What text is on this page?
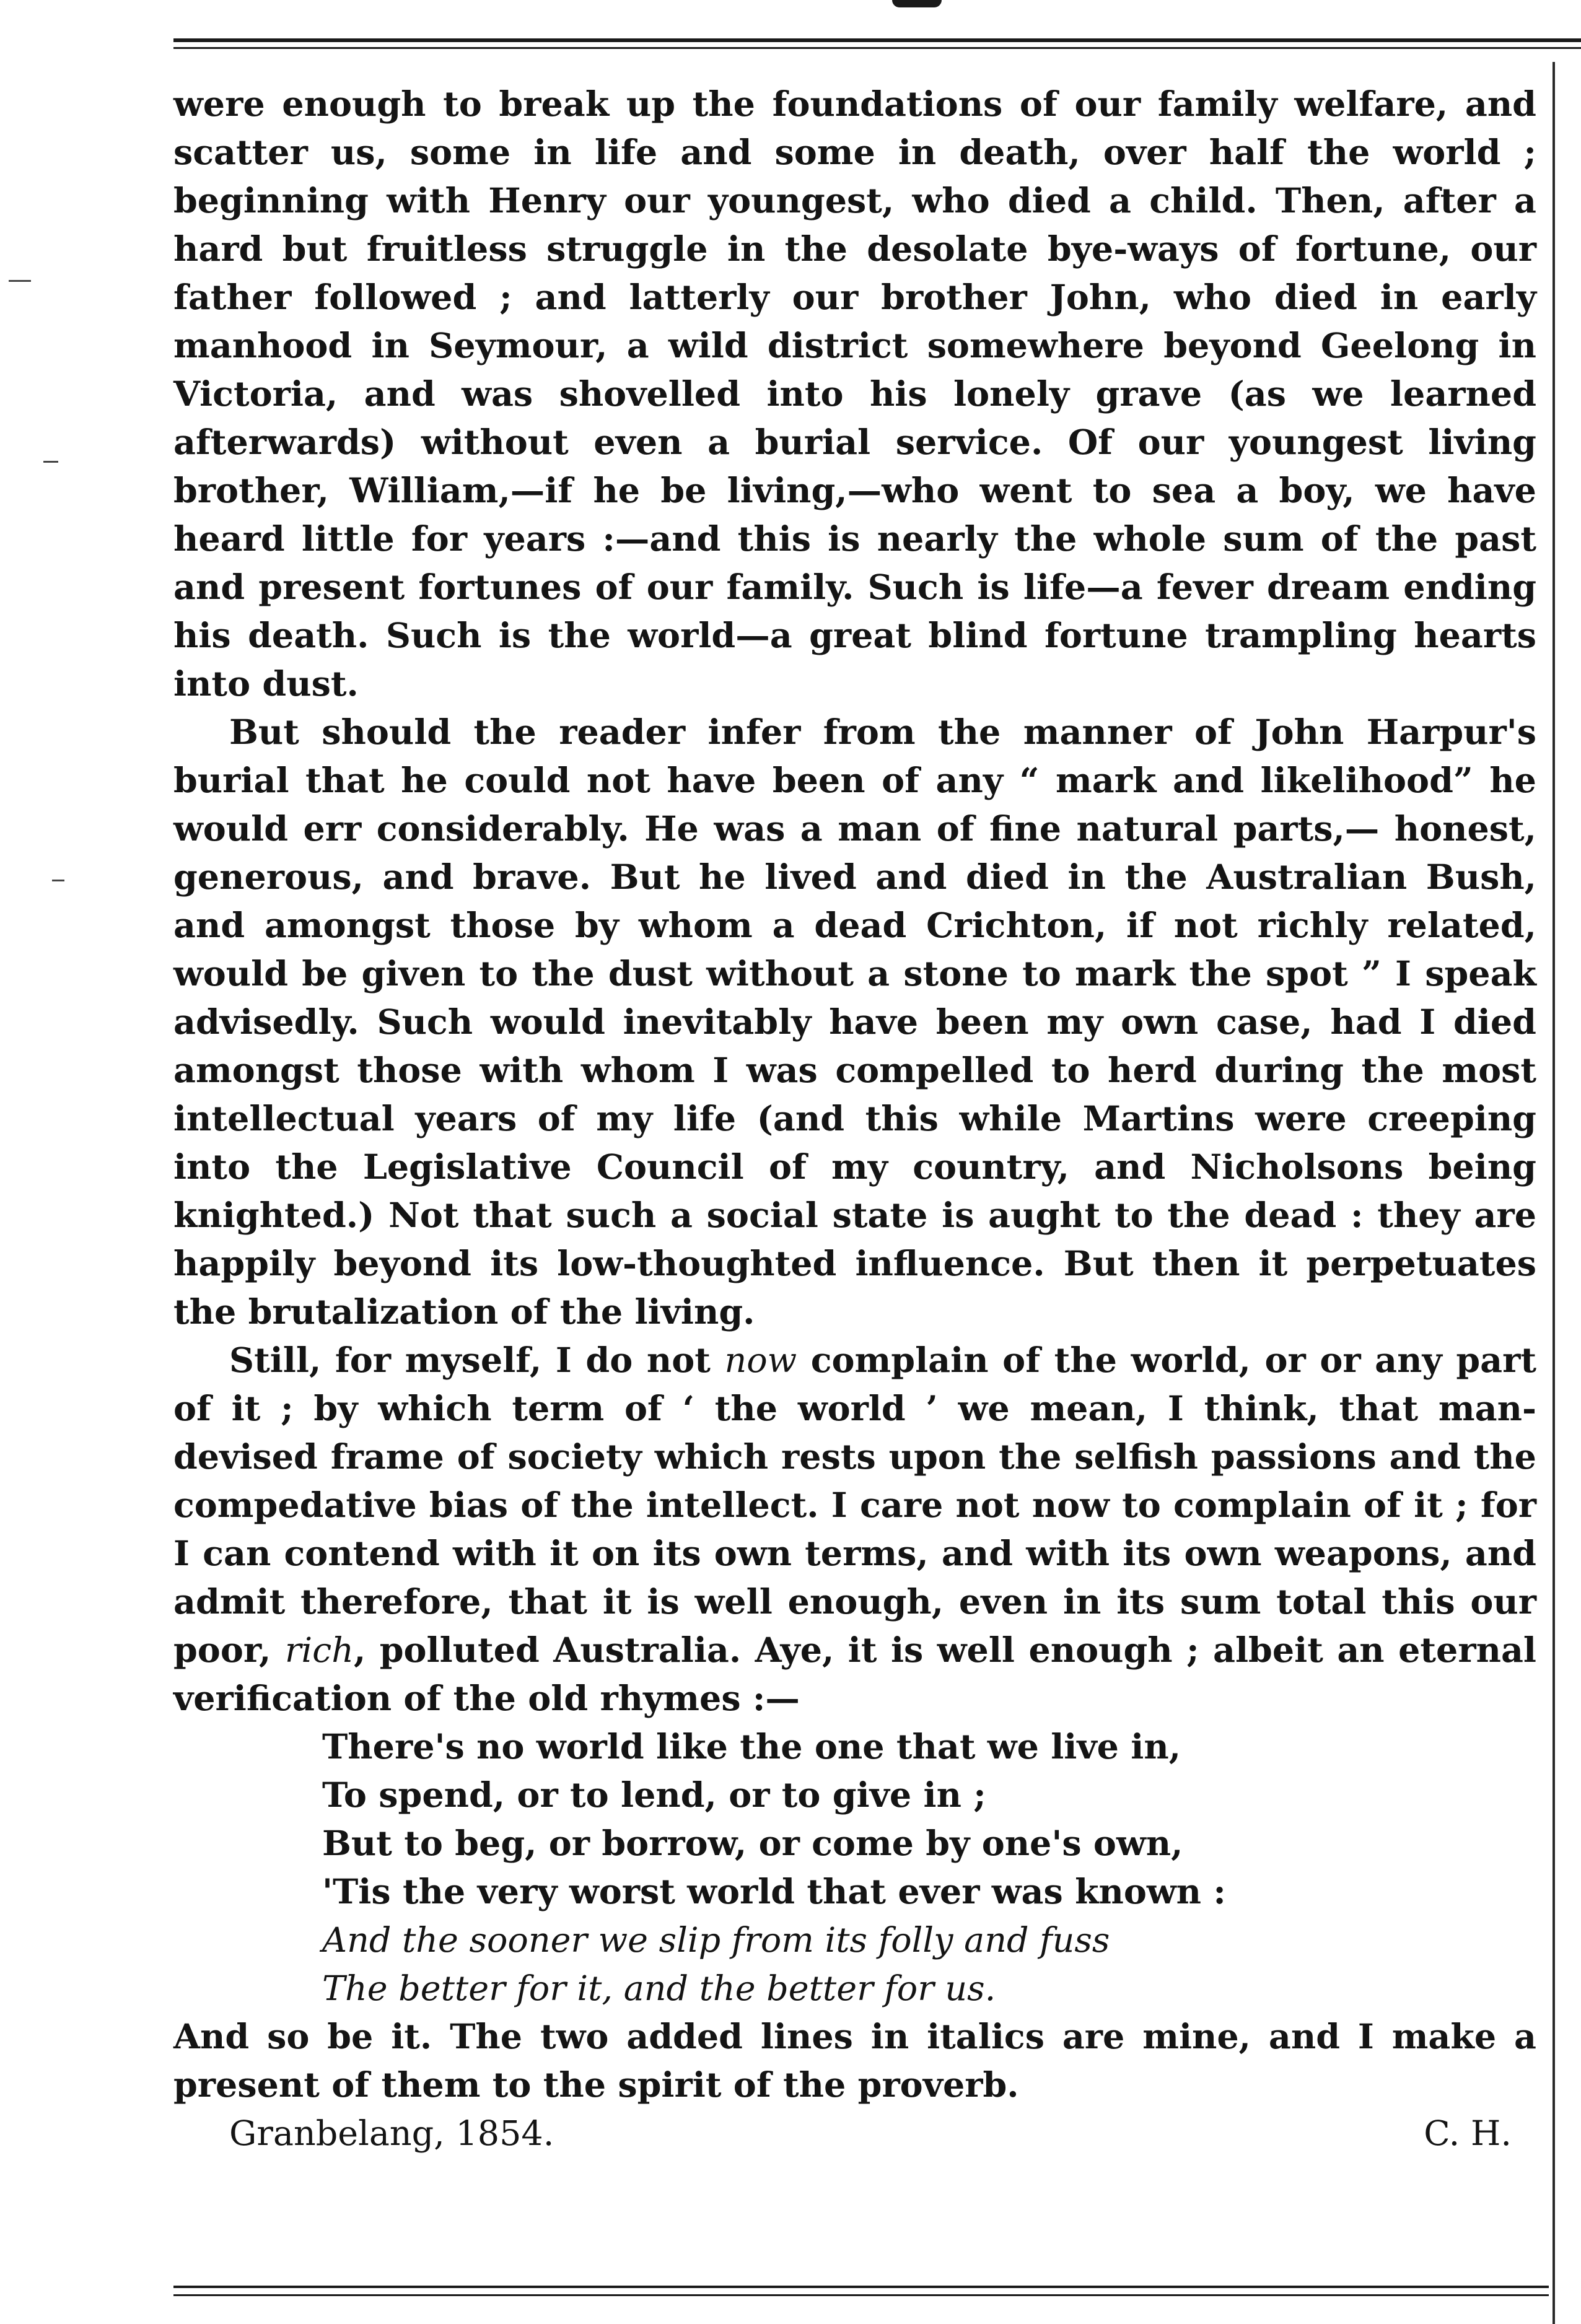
were enough to break up the foundations of our family welfare, and scatter us, some in life and some in death, over half the world ; beginning with Henry our youngest, who died a child. Then, after a hard but fruitless struggle in the desolate bye-ways of fortune, our father followed ; and latterly our brother John, who died in early manhood in Seymour, a wild district somewhere beyond Geelong in Victoria, and was shovelled into his lonely grave (as we learned afterwards) without even a burial service. Of our youngest living brother, William,—if he be living,—who went to sea a boy, we have heard little for years :—and this is nearly the whole sum of the past and present fortunes of our family. Such is life—a fever dream ending his death. Such is the world—a great blind fortune trampling hearts into dust.

But should the reader infer from the manner of John Harpur's burial that he could not have been of any “ mark and likelihood” he would err considerably. He was a man of fine natural parts,— honest, generous, and brave. But he lived and died in the Australian Bush, and amongst those by whom a dead Crichton, if not richly related, would be given to the dust without a stone to mark the spot ” I speak advisedly. Such would inevitably have been my own case, had I died amongst those with whom I was compelled to herd during the most intellectual years of my life (and this while Martins were creeping into the Legislative Council of my country, and Nicholsons being knighted.) Not that such a social state is aught to the dead : they are happily beyond its low-thoughted influence. But then it perpetuates the brutalization of the living.

Still, for myself, I do not now complain of the world, or or any part of it ; by which term of ‘ the world ’ we mean, I think, that man-devised frame of society which rests upon the selfish passions and the compedative bias of the intellect. I care not now to complain of it ; for I can contend with it on its own terms, and with its own weapons, and admit therefore, that it is well enough, even in its sum total this our poor, rich, polluted Australia. Aye, it is well enough ; albeit an eternal verification of the old rhymes :—

There's no world like the one that we live in,
To spend, or to lend, or to give in ;
But to beg, or borrow, or come by one's own,
'Tis the very worst world that ever was known :
And the sooner we slip from its folly and fuss
The better for it, and the better for us.

And so be it. The two added lines in italics are mine, and I make a present of them to the spirit of the proverb.

Granbelang, 1854.	C. H.
